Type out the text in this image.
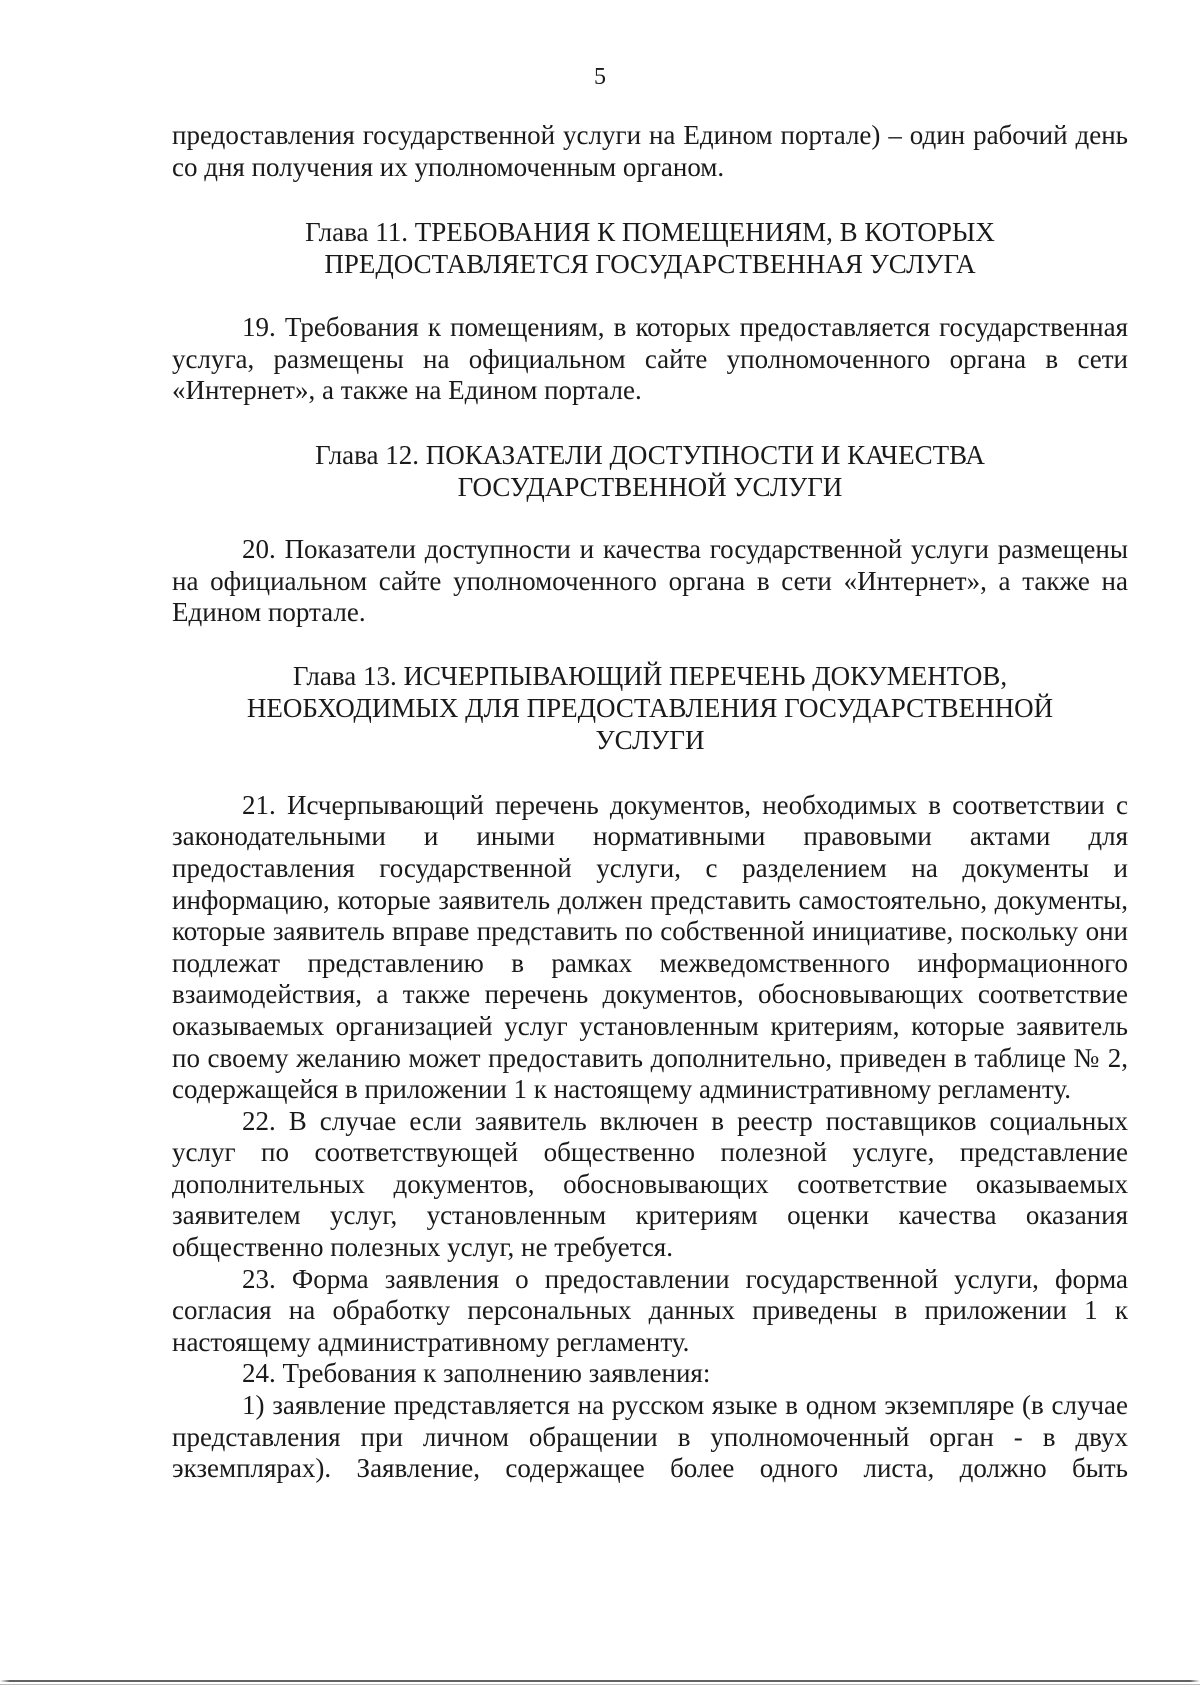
5

предоставления государственной услуги на Едином портале) – один рабочий день со дня получения их уполномоченным органом.

Глава 11. ТРЕБОВАНИЯ К ПОМЕЩЕНИЯМ, В КОТОРЫХ
ПРЕДОСТАВЛЯЕТСЯ ГОСУДАРСТВЕННАЯ УСЛУГА

19. Требования к помещениям, в которых предоставляется государственная услуга, размещены на официальном сайте уполномоченного органа в сети «Интернет», а также на Едином портале.

Глава 12. ПОКАЗАТЕЛИ ДОСТУПНОСТИ И КАЧЕСТВА
ГОСУДАРСТВЕННОЙ УСЛУГИ

20. Показатели доступности и качества государственной услуги размещены на официальном сайте уполномоченного органа в сети «Интернет», а также на Едином портале.

Глава 13. ИСЧЕРПЫВАЮЩИЙ ПЕРЕЧЕНЬ ДОКУМЕНТОВ,
НЕОБХОДИМЫХ ДЛЯ ПРЕДОСТАВЛЕНИЯ ГОСУДАРСТВЕННОЙ
УСЛУГИ

21. Исчерпывающий перечень документов, необходимых в соответствии с законодательными и иными нормативными правовыми актами для предоставления государственной услуги, с разделением на документы и информацию, которые заявитель должен представить самостоятельно, документы, которые заявитель вправе представить по собственной инициативе, поскольку они подлежат представлению в рамках межведомственного информационного взаимодействия, а также перечень документов, обосновывающих соответствие оказываемых организацией услуг установленным критериям, которые заявитель по своему желанию может предоставить дополнительно, приведен в таблице № 2, содержащейся в приложении 1 к настоящему административному регламенту.

22. В случае если заявитель включен в реестр поставщиков социальных услуг по соответствующей общественно полезной услуге, представление дополнительных документов, обосновывающих соответствие оказываемых заявителем услуг, установленным критериям оценки качества оказания общественно полезных услуг, не требуется.

23. Форма заявления о предоставлении государственной услуги, форма согласия на обработку персональных данных приведены в приложении 1 к настоящему административному регламенту.

24. Требования к заполнению заявления:

1) заявление представляется на русском языке в одном экземпляре (в случае представления при личном обращении в уполномоченный орган - в двух экземплярах). Заявление, содержащее более одного листа, должно быть
